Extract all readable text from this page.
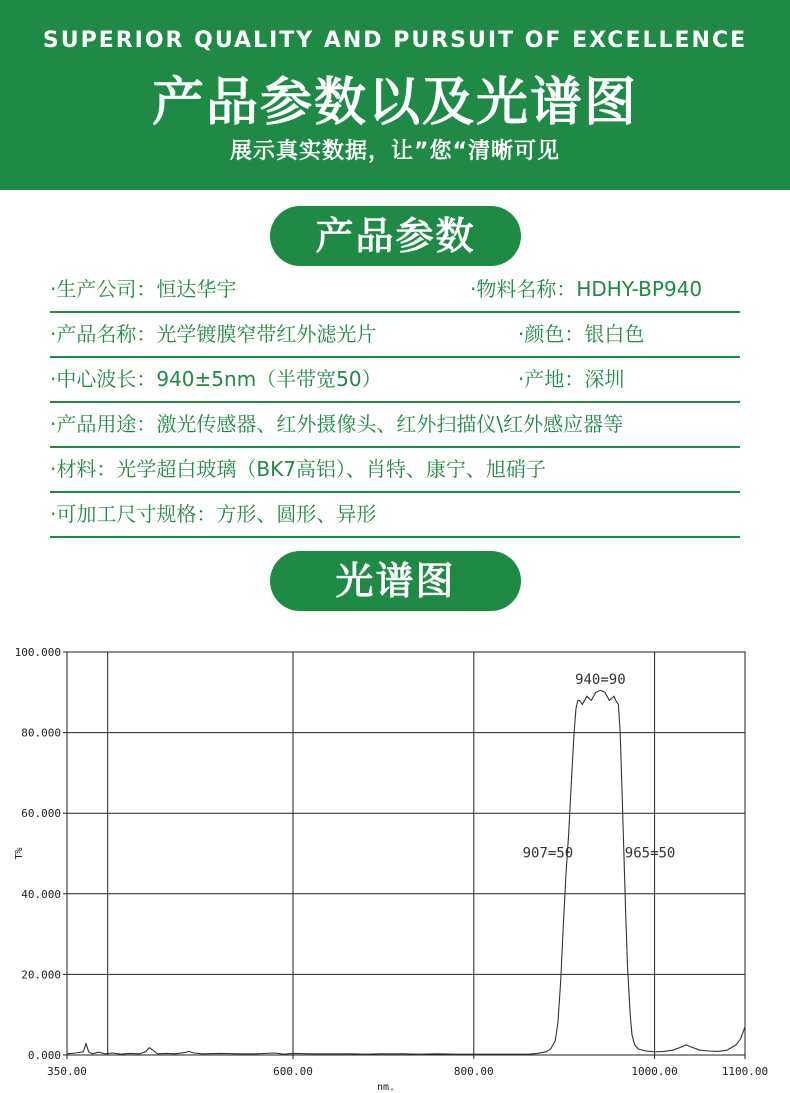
SUPERIOR QUALITY AND PURSUIT OF EXCELLENCE
产品参数以及光谱图
展示真实数据，让”您“清晰可见
产品参数
·生产公司：恒达华宇	·物料名称：HDHY-BP940
·产品名称：光学镀膜窄带红外滤光片	·颜色：银白色
·中心波长：940±5nm（半带宽50）	·产地：深圳
·产品用途：激光传感器、红外摄像头、红外扫描仪\红外感应器等
·材料：光学超白玻璃（BK7高铝）、肖特、康宁、旭硝子
·可加工尺寸规格：方形、圆形、异形
光谱图
0.000
20.000
40.000
60.000
80.000
100.000
350.00	600.00	800.00	1000.00	1100.00
nm.
T%
940=90
907=50	965=50
